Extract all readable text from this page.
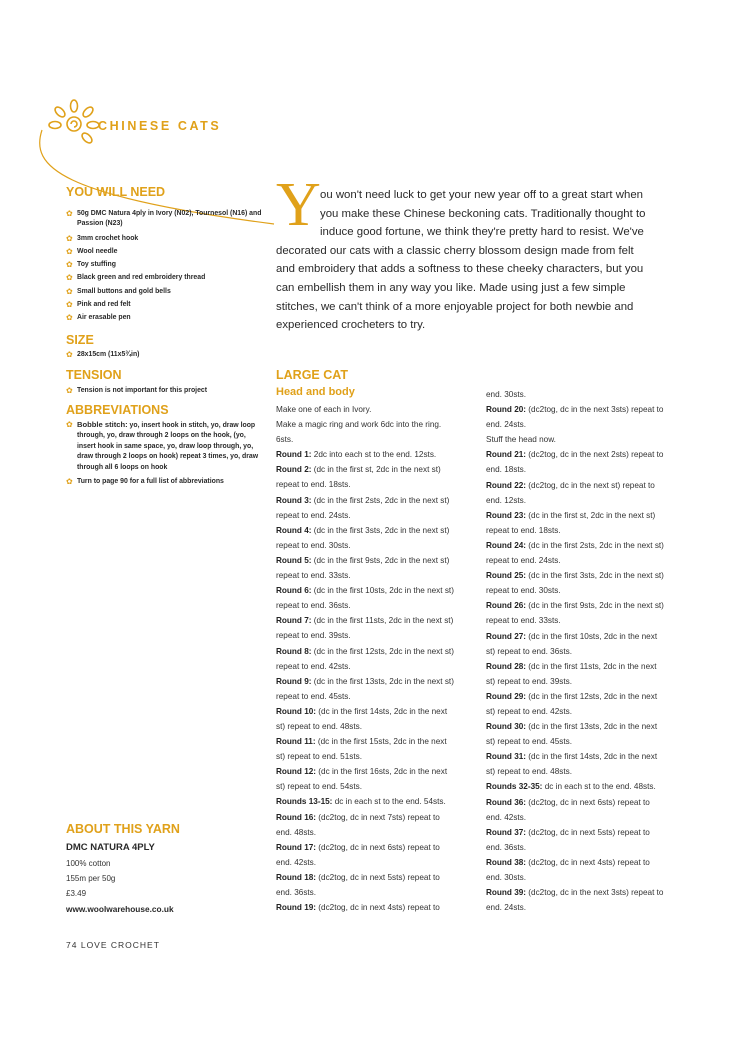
CHINESE CATS
YOU WILL NEED
✿ 50g DMC Natura 4ply in Ivory (N02), Tournesol (N16) and Passion (N23)
✿ 3mm crochet hook
✿ Wool needle
✿ Toy stuffing
✿ Black green and red embroidery thread
✿ Small buttons and gold bells
✿ Pink and red felt
✿ Air erasable pen
SIZE
✿ 28x15cm (11x5¾in)
TENSION
✿ Tension is not important for this project
ABBREVIATIONS
✿ Bobble stitch: yo, insert hook in stitch, yo, draw loop through, yo, draw through 2 loops on the hook, (yo, insert hook in same space, yo, draw loop through, yo, draw through 2 loops on hook) repeat 3 times, yo, draw through all 6 loops on hook
✿ Turn to page 90 for a full list of abbreviations
ABOUT THIS YARN
DMC NATURA 4PLY
100% cotton
155m per 50g
£3.49
www.woolwarehouse.co.uk
74 LOVE CROCHET
Y ou won't need luck to get your new year off to a great start when
you make these Chinese beckoning cats. Traditionally thought to
induce good fortune, we think they're pretty hard to resist. We've
decorated our cats with a classic cherry blossom design made from felt
and embroidery that adds a softness to these cheeky characters, but you
can embellish them in any way you like. Made using just a few simple
stitches, we can't think of a more enjoyable project for both newbie and
experienced crocheters to try.

LARGE CAT
Head and body
Make one of each in Ivory.
Make a magic ring and work 6dc into the ring.
6sts.
Round 1: 2dc into each st to the end. 12sts.
Round 2: (dc in the first st, 2dc in the next st)
repeat to end. 18sts.
Round 3: (dc in the first 2sts, 2dc in the next st)
repeat to end. 24sts.
Round 4: (dc in the first 3sts, 2dc in the next st)
repeat to end. 30sts.
Round 5: (dc in the first 9sts, 2dc in the next st)
repeat to end. 33sts.
Round 6: (dc in the first 10sts, 2dc in the next st)
repeat to end. 36sts.
Round 7: (dc in the first 11sts, 2dc in the next st)
repeat to end. 39sts.
Round 8: (dc in the first 12sts, 2dc in the next st)
repeat to end. 42sts.
Round 9: (dc in the first 13sts, 2dc in the next st)
repeat to end. 45sts.
Round 10: (dc in the first 14sts, 2dc in the next
st) repeat to end. 48sts.
Round 11: (dc in the first 15sts, 2dc in the next
st) repeat to end. 51sts.
Round 12: (dc in the first 16sts, 2dc in the next
st) repeat to end. 54sts.
Rounds 13-15: dc in each st to the end. 54sts.
Round 16: (dc2tog, dc in next 7sts) repeat to
end. 48sts.
Round 17: (dc2tog, dc in next 6sts) repeat to
end. 42sts.
Round 18: (dc2tog, dc in next 5sts) repeat to
end. 36sts.
Round 19: (dc2tog, dc in next 4sts) repeat to
end. 30sts.
Round 20: (dc2tog, dc in the next 3sts) repeat to
end. 24sts.
Stuff the head now.
Round 21: (dc2tog, dc in the next 2sts) repeat to
end. 18sts.
Round 22: (dc2tog, dc in the next st) repeat to
end. 12sts.
Round 23: (dc in the first st, 2dc in the next st)
repeat to end. 18sts.
Round 24: (dc in the first 2sts, 2dc in the next st)
repeat to end. 24sts.
Round 25: (dc in the first 3sts, 2dc in the next st)
repeat to end. 30sts.
Round 26: (dc in the first 9sts, 2dc in the next st)
repeat to end. 33sts.
Round 27: (dc in the first 10sts, 2dc in the next
st) repeat to end. 36sts.
Round 28: (dc in the first 11sts, 2dc in the next
st) repeat to end. 39sts.
Round 29: (dc in the first 12sts, 2dc in the next
st) repeat to end. 42sts.
Round 30: (dc in the first 13sts, 2dc in the next
st) repeat to end. 45sts.
Round 31: (dc in the first 14sts, 2dc in the next
st) repeat to end. 48sts.
Rounds 32-35: dc in each st to the end. 48sts.
Round 36: (dc2tog, dc in next 6sts) repeat to
end. 42sts.
Round 37: (dc2tog, dc in next 5sts) repeat to
end. 36sts.
Round 38: (dc2tog, dc in next 4sts) repeat to
end. 30sts.
Round 39: (dc2tog, dc in the next 3sts) repeat to
end. 24sts.
